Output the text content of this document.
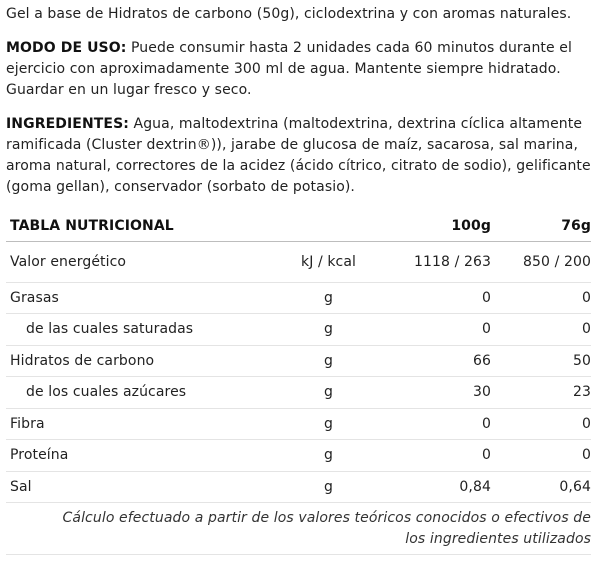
Gel a base de Hidratos de carbono (50g), ciclodextrina y con aromas naturales.

MODO DE USO: Puede consumir hasta 2 unidades cada 60 minutos durante el ejercicio con aproximadamente 300 ml de agua. Mantente siempre hidratado. Guardar en un lugar fresco y seco.

INGREDIENTES: Agua, maltodextrina (maltodextrina, dextrina cíclica altamente ramificada (Cluster dextrin®)), jarabe de glucosa de maíz, sacarosa, sal marina, aroma natural, correctores de la acidez (ácido cítrico, citrato de sodio), gelificante (goma gellan), conservador (sorbato de potasio).

TABLA NUTRICIONAL		100g	76g
Valor energético	kJ / kcal	1118 / 263	850 / 200
Grasas	g	0	0
de las cuales saturadas	g	0	0
Hidratos de carbono	g	66	50
de los cuales azúcares	g	30	23
Fibra	g	0	0
Proteína	g	0	0
Sal	g	0,84	0,64
Cálculo efectuado a partir de los valores teóricos conocidos o efectivos de los ingredientes utilizados			
